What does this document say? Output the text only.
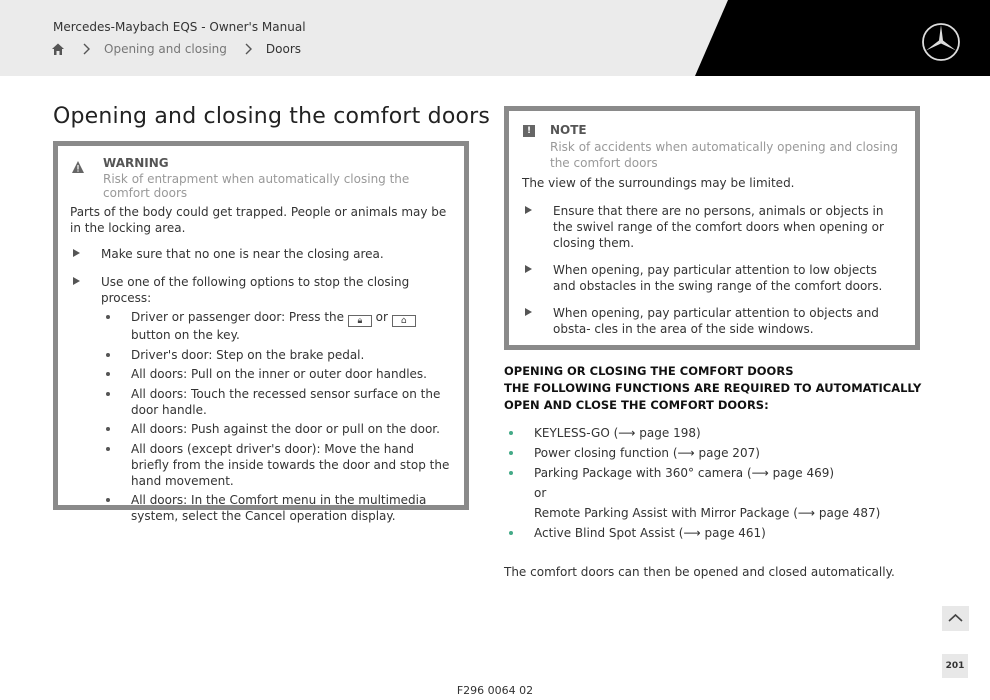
Mercedes-Maybach EQS - Owner's Manual
Opening and closing	Doors
Opening and closing the comfort doors
WARNING
Risk of entrapment when automatically closing the comfort doors
Parts of the body could get trapped. People or animals may be in the locking area.
Make sure that no one is near the closing area.
Use one of the following options to stop the closing process:
Driver or passenger door: Press the 🔒︎ or ⌂button on the key.
Driver's door: Step on the brake pedal.
All doors: Pull on the inner or outer door handles.
All doors: Touch the recessed sensor surface on the door handle.
All doors: Push against the door or pull on the door.
All doors (except driver's door): Move the hand briefly from the inside towards the door and stop the hand movement.
All doors: In the Comfort menu in the multimedia system, select the Cancel operation display.
!	NOTE
Risk of accidents when automatically opening and closing the comfort doors
The view of the surroundings may be limited.
Ensure that there are no persons, animals or objects in the swivel range of the comfort doors when opening or closing them.
When opening, pay particular attention to low objects and obstacles in the swing range of the comfort doors.
When opening, pay particular attention to objects and obsta- cles in the area of the side windows.
OPENING OR CLOSING THE COMFORT DOORS
THE FOLLOWING FUNCTIONS ARE REQUIRED TO AUTOMATICALLY OPEN AND CLOSE THE COMFORT DOORS:
KEYLESS-GO (⟶ page 198)
Power closing function (⟶ page 207)
Parking Package with 360° camera (⟶ page 469)
or
Remote Parking Assist with Mirror Package (⟶ page 487)
Active Blind Spot Assist (⟶ page 461)
The comfort doors can then be opened and closed automatically.
201
F296 0064 02
